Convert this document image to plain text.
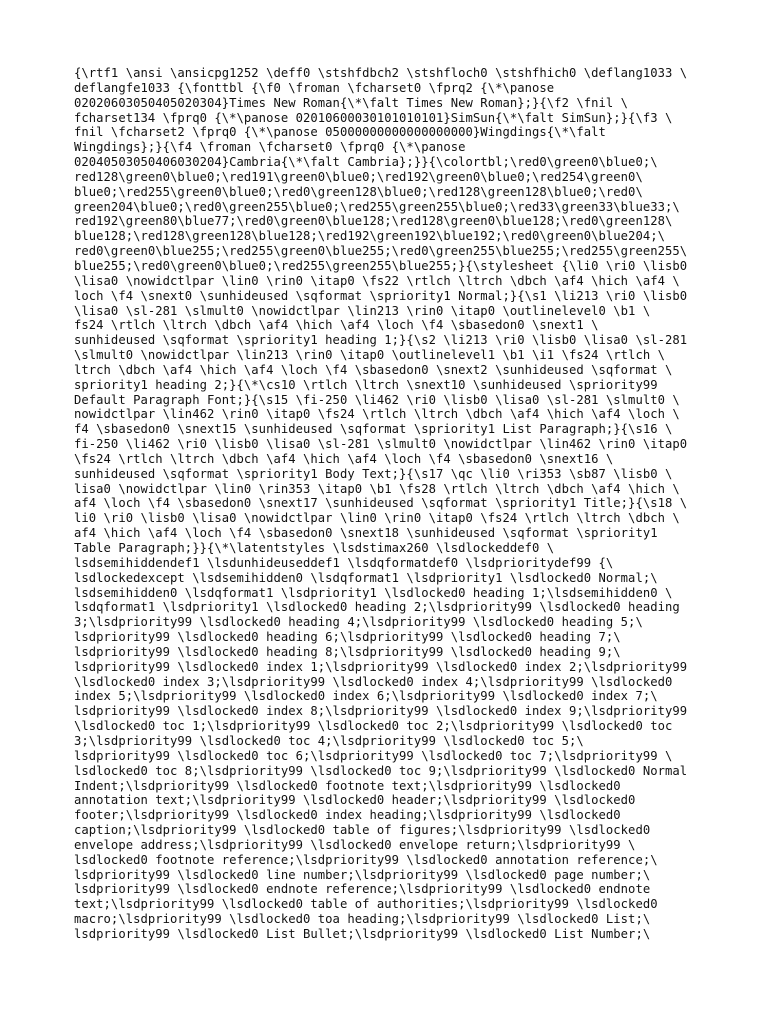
{\rtf1 \ansi \ansicpg1252 \deff0 \stshfdbch2 \stshfloch0 \stshfhich0 \deflang1033 \
deflangfe1033 {\fonttbl {\f0 \froman \fcharset0 \fprq2 {\*\panose
02020603050405020304}Times New Roman{\*\falt Times New Roman};}{\f2 \fnil \
fcharset134 \fprq0 {\*\panose 02010600030101010101}SimSun{\*\falt SimSun};}{\f3 \
fnil \fcharset2 \fprq0 {\*\panose 05000000000000000000}Wingdings{\*\falt
Wingdings};}{\f4 \froman \fcharset0 \fprq0 {\*\panose
02040503050406030204}Cambria{\*\falt Cambria};}}{\colortbl;\red0\green0\blue0;\
red128\green0\blue0;\red191\green0\blue0;\red192\green0\blue0;\red254\green0\
blue0;\red255\green0\blue0;\red0\green128\blue0;\red128\green128\blue0;\red0\
green204\blue0;\red0\green255\blue0;\red255\green255\blue0;\red33\green33\blue33;\
red192\green80\blue77;\red0\green0\blue128;\red128\green0\blue128;\red0\green128\
blue128;\red128\green128\blue128;\red192\green192\blue192;\red0\green0\blue204;\
red0\green0\blue255;\red255\green0\blue255;\red0\green255\blue255;\red255\green255\
blue255;\red0\green0\blue0;\red255\green255\blue255;}{\stylesheet {\li0 \ri0 \lisb0
\lisa0 \nowidctlpar \lin0 \rin0 \itap0 \fs22 \rtlch \ltrch \dbch \af4 \hich \af4 \
loch \f4 \snext0 \sunhideused \sqformat \spriority1 Normal;}{\s1 \li213 \ri0 \lisb0
\lisa0 \sl-281 \slmult0 \nowidctlpar \lin213 \rin0 \itap0 \outlinelevel0 \b1 \
fs24 \rtlch \ltrch \dbch \af4 \hich \af4 \loch \f4 \sbasedon0 \snext1 \
sunhideused \sqformat \spriority1 heading 1;}{\s2 \li213 \ri0 \lisb0 \lisa0 \sl-281
\slmult0 \nowidctlpar \lin213 \rin0 \itap0 \outlinelevel1 \b1 \i1 \fs24 \rtlch \
ltrch \dbch \af4 \hich \af4 \loch \f4 \sbasedon0 \snext2 \sunhideused \sqformat \
spriority1 heading 2;}{\*\cs10 \rtlch \ltrch \snext10 \sunhideused \spriority99
Default Paragraph Font;}{\s15 \fi-250 \li462 \ri0 \lisb0 \lisa0 \sl-281 \slmult0 \
nowidctlpar \lin462 \rin0 \itap0 \fs24 \rtlch \ltrch \dbch \af4 \hich \af4 \loch \
f4 \sbasedon0 \snext15 \sunhideused \sqformat \spriority1 List Paragraph;}{\s16 \
fi-250 \li462 \ri0 \lisb0 \lisa0 \sl-281 \slmult0 \nowidctlpar \lin462 \rin0 \itap0
\fs24 \rtlch \ltrch \dbch \af4 \hich \af4 \loch \f4 \sbasedon0 \snext16 \
sunhideused \sqformat \spriority1 Body Text;}{\s17 \qc \li0 \ri353 \sb87 \lisb0 \
lisa0 \nowidctlpar \lin0 \rin353 \itap0 \b1 \fs28 \rtlch \ltrch \dbch \af4 \hich \
af4 \loch \f4 \sbasedon0 \snext17 \sunhideused \sqformat \spriority1 Title;}{\s18 \
li0 \ri0 \lisb0 \lisa0 \nowidctlpar \lin0 \rin0 \itap0 \fs24 \rtlch \ltrch \dbch \
af4 \hich \af4 \loch \f4 \sbasedon0 \snext18 \sunhideused \sqformat \spriority1
Table Paragraph;}}{\*\latentstyles \lsdstimax260 \lsdlockeddef0 \
lsdsemihiddendef1 \lsdunhideuseddef1 \lsdqformatdef0 \lsdprioritydef99 {\
lsdlockedexcept \lsdsemihidden0 \lsdqformat1 \lsdpriority1 \lsdlocked0 Normal;\
lsdsemihidden0 \lsdqformat1 \lsdpriority1 \lsdlocked0 heading 1;\lsdsemihidden0 \
lsdqformat1 \lsdpriority1 \lsdlocked0 heading 2;\lsdpriority99 \lsdlocked0 heading
3;\lsdpriority99 \lsdlocked0 heading 4;\lsdpriority99 \lsdlocked0 heading 5;\
lsdpriority99 \lsdlocked0 heading 6;\lsdpriority99 \lsdlocked0 heading 7;\
lsdpriority99 \lsdlocked0 heading 8;\lsdpriority99 \lsdlocked0 heading 9;\
lsdpriority99 \lsdlocked0 index 1;\lsdpriority99 \lsdlocked0 index 2;\lsdpriority99
\lsdlocked0 index 3;\lsdpriority99 \lsdlocked0 index 4;\lsdpriority99 \lsdlocked0
index 5;\lsdpriority99 \lsdlocked0 index 6;\lsdpriority99 \lsdlocked0 index 7;\
lsdpriority99 \lsdlocked0 index 8;\lsdpriority99 \lsdlocked0 index 9;\lsdpriority99
\lsdlocked0 toc 1;\lsdpriority99 \lsdlocked0 toc 2;\lsdpriority99 \lsdlocked0 toc
3;\lsdpriority99 \lsdlocked0 toc 4;\lsdpriority99 \lsdlocked0 toc 5;\
lsdpriority99 \lsdlocked0 toc 6;\lsdpriority99 \lsdlocked0 toc 7;\lsdpriority99 \
lsdlocked0 toc 8;\lsdpriority99 \lsdlocked0 toc 9;\lsdpriority99 \lsdlocked0 Normal
Indent;\lsdpriority99 \lsdlocked0 footnote text;\lsdpriority99 \lsdlocked0
annotation text;\lsdpriority99 \lsdlocked0 header;\lsdpriority99 \lsdlocked0
footer;\lsdpriority99 \lsdlocked0 index heading;\lsdpriority99 \lsdlocked0
caption;\lsdpriority99 \lsdlocked0 table of figures;\lsdpriority99 \lsdlocked0
envelope address;\lsdpriority99 \lsdlocked0 envelope return;\lsdpriority99 \
lsdlocked0 footnote reference;\lsdpriority99 \lsdlocked0 annotation reference;\
lsdpriority99 \lsdlocked0 line number;\lsdpriority99 \lsdlocked0 page number;\
lsdpriority99 \lsdlocked0 endnote reference;\lsdpriority99 \lsdlocked0 endnote
text;\lsdpriority99 \lsdlocked0 table of authorities;\lsdpriority99 \lsdlocked0
macro;\lsdpriority99 \lsdlocked0 toa heading;\lsdpriority99 \lsdlocked0 List;\
lsdpriority99 \lsdlocked0 List Bullet;\lsdpriority99 \lsdlocked0 List Number;\
